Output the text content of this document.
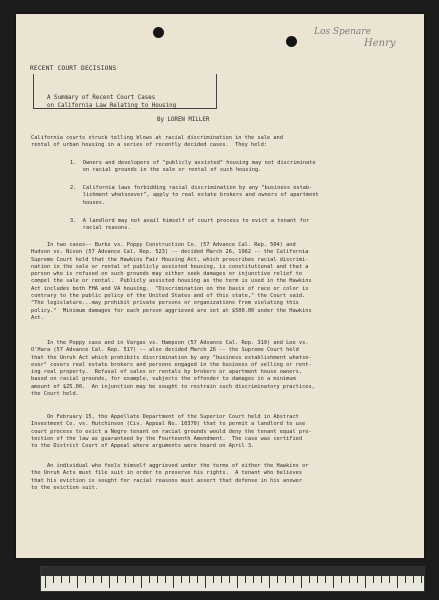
Los Spenare
Henry
RECENT COURT DECISIONS
A Summary of Recent Court Cases
on California Law Relating to Housing
By LOREN MILLER
California courts struck telling blows at racial discrimination in the sale and
rental of urban housing in a series of recently decided cases.  They held:
1.  Owners and developers of "publicly assisted" housing may not discriminate
on racial grounds in the sale or rental of such housing.
2.  California laws forbidding racial discrimination by any "business estab-
lishment whatsoever", apply to real estate brokers and owners of apartment
houses.
3.  A landlord may not avail himself of court process to evict a tenant for
racial reasons.
In two cases-- Burks vs. Poppy Construction Co. (57 Advance Cal. Rep. 504) and
Hudson vs. Nixon (57 Advance Cal. Rep. 523) -- decided March 26, 1962 -- the California
Supreme Court held that the Hawkins Fair Housing Act, which proscribes racial discrimi-
nation in the sale or rental of publicly assisted housing, is constitutional and that a
person who is refused on such grounds may either seek damages or injunctive relief to
compel the sale or rental.  Publicly assisted housing as the term is used in the Hawkins
Act includes both FHA and VA housing.  "Discrimination on the basis of race or color is
contrary to the public policy of the United States and of this state," the Court said.
"The legislature...may prohibit private persons or organizations from violating this
policy."  Minimum damages for each person aggrieved are set at $500.00 under the Hawkins
Act.
In the Poppy case and in Vargas vs. Hampson (57 Advance Cal. Rep. 319) and Lee vs.
O'Hara (57 Advance Cal. Rep. 517) -- also decided March 26 -- the Supreme Court held
that the Unruh Act which prohibits discrimination by any "business establishment whatso-
ever" covers real estate brokers and persons engaged in the business of selling or rent-
ing real property.  Refusal of sales or rentals by brokers or apartment house owners,
based on racial grounds, for example, subjects the offender to damages in a minimum
amount of $25.00.  An injunction may be sought to restrain such discriminatory practices,
the Court held.
On February 15, the Appellate Department of the Superior Court held in Abstract
Investment Co. vs. Hutchinson (Civ. Appeal No. 10370) that to permit a landlord to use
court process to evict a Negro tenant on racial grounds would deny the tenant equal pro-
tection of the law as guaranteed by the Fourteenth Amendment.  The case was certified
to the District Court of Appeal where arguments were heard on April 3.
An individual who feels himself aggrieved under the terms of either the Hawkins or
the Unruh Acts must file suit in order to preserve his rights.  A tenant who believes
that his eviction is sought for racial reasons must assert that defense in his answer
to the eviction suit.
